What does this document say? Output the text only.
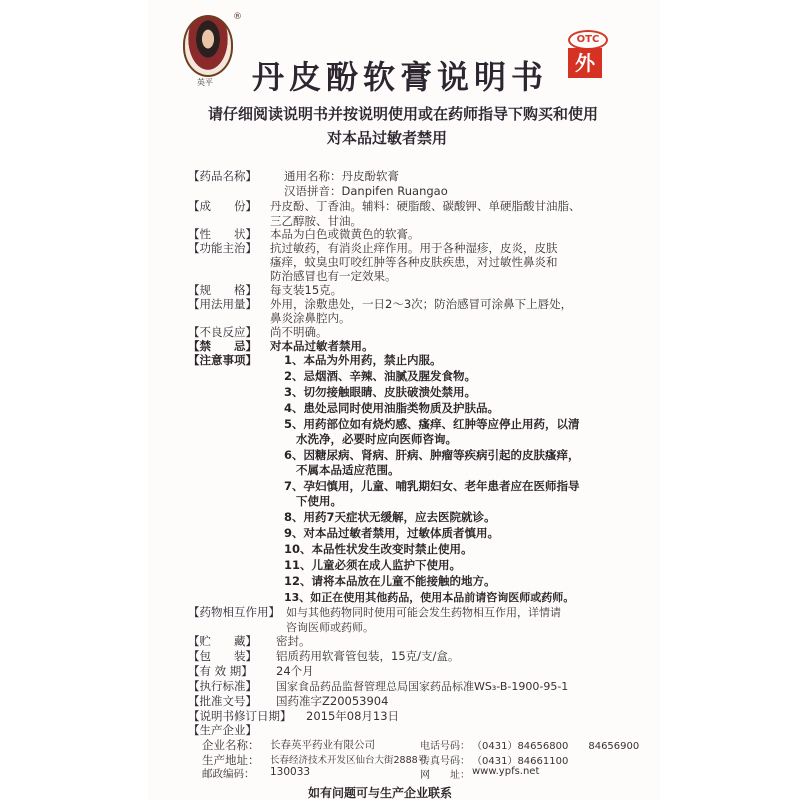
®
英平 丹皮酚软膏说明书
OTC
外
请仔细阅读说明书并按说明使用或在药师指导下购买和使用
对本品过敏者禁用
【药品名称】 通用名称：丹皮酚软膏
汉语拼音：Danpifen Ruangao
【成　　份】 丹皮酚、丁香油。辅料：硬脂酸、碳酸钾、单硬脂酸甘油脂、
三乙醇胺、甘油。
【性　　状】 本品为白色或微黄色的软膏。
【功能主治】 抗过敏药，有消炎止痒作用。用于各种湿疹，皮炎，皮肤
瘙痒，蚊臭虫叮咬红肿等各种皮肤疾患，对过敏性鼻炎和
防治感冒也有一定效果。
【规　　格】 每支装15克。
【用法用量】 外用，涂敷患处，一日2～3次；防治感冒可涂鼻下上唇处，
鼻炎涂鼻腔内。
【不良反应】 尚不明确。
【禁　　忌】 对本品过敏者禁用。
【注意事项】 1、本品为外用药，禁止内服。
2、忌烟酒、辛辣、油腻及腥发食物。
3、切勿接触眼睛、皮肤破溃处禁用。
4、患处忌同时使用油脂类物质及护肤品。
5、用药部位如有烧灼感、瘙痒、红肿等应停止用药，以清
水洗净，必要时应向医师咨询。
6、因糖尿病、肾病、肝病、肿瘤等疾病引起的皮肤瘙痒，
不属本品适应范围。
7、孕妇慎用，儿童、哺乳期妇女、老年患者应在医师指导
下使用。
8、用药7天症状无缓解，应去医院就诊。
9、对本品过敏者禁用，过敏体质者慎用。
10、本品性状发生改变时禁止使用。
11、儿童必须在成人监护下使用。
12、请将本品放在儿童不能接触的地方。
13、如正在使用其他药品，使用本品前请咨询医师或药师。
【药物相互作用】 如与其他药物同时使用可能会发生药物相互作用，详情请
咨询医师或药师。
【贮　　藏】 密封。
【包　　装】 铝质药用软膏管包装，15克/支/盒。
【有 效 期】 24个月
【执行标准】 国家食品药品监督管理总局国家药品标准WS₃-B-1900-95-1
【批准文号】 国药准字Z20053904
【说明书修订日期】 2015年08月13日
【生产企业】
企业名称： 长春英平药业有限公司
生产地址： 长春经济技术开发区仙台大街2888号
邮政编码： 130033
电话号码： （0431）84656800　　84656900
传真号码： （0431）84661100
网　　址： www.ypfs.net
如有问题可与生产企业联系
